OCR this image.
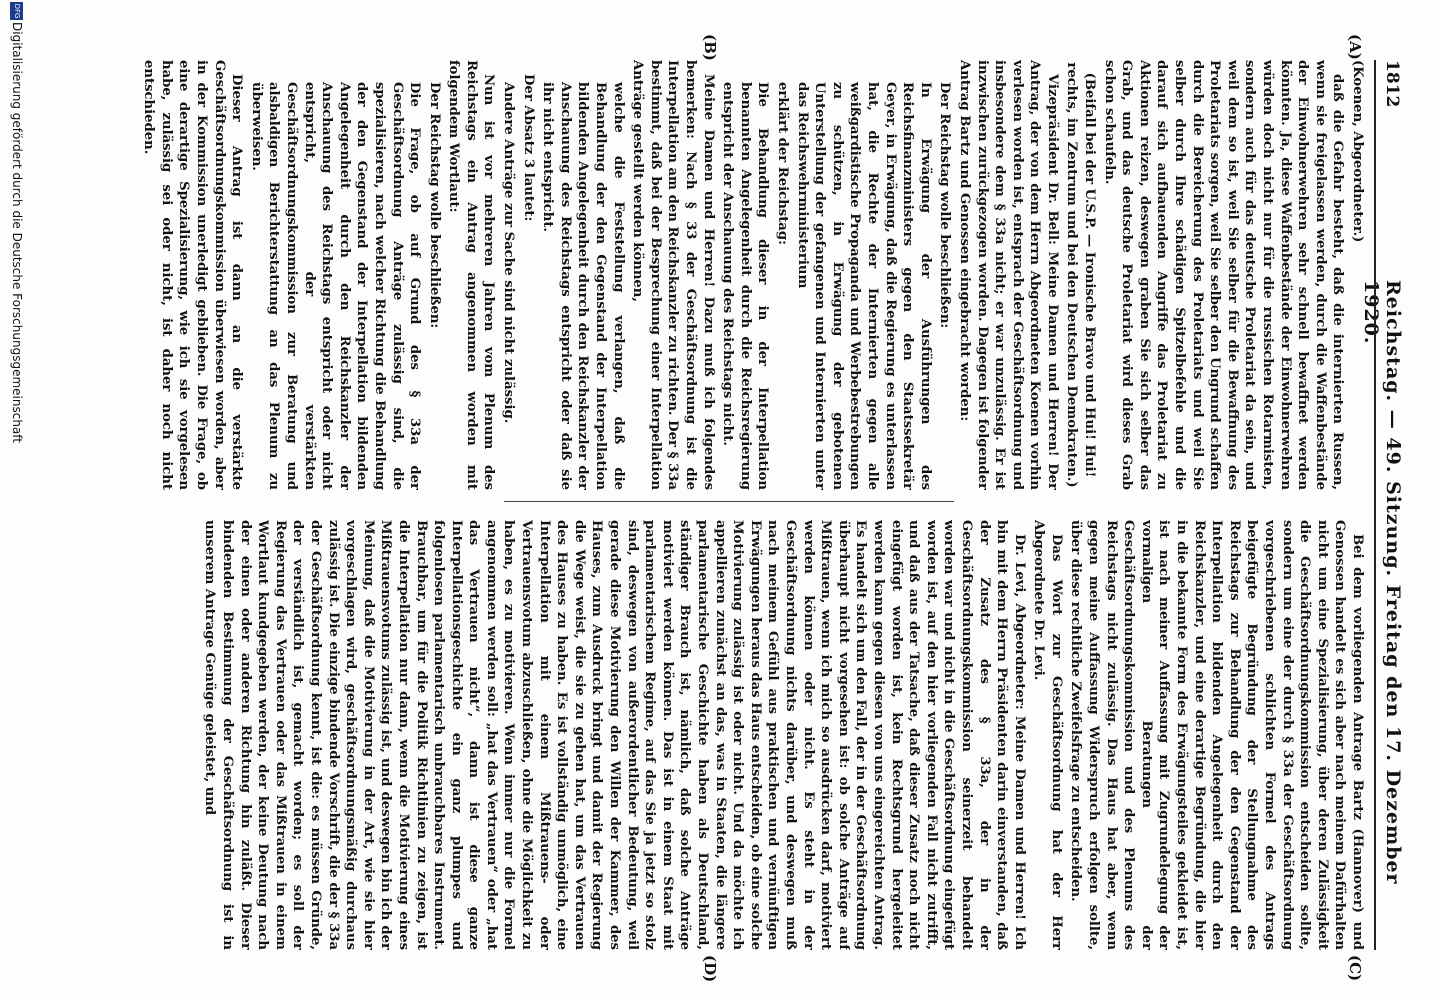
1812
Reichstag. — 49. Sitzung. Freitag den 17. Dezember 1920.
(A)
(B)
(C)
(D)

(Koenen, Abgeordneter.)

daß die Gefahr besteht, daß die internierten Russen, wenn sie freigelassen werden, durch die Waffenbestände der Einwohnerwehren sehr schnell bewaffnet werden könnten. Ja, diese Waffenbestände der Einwohnerwehren würden doch nicht nur für die russischen Rotarmisten, sondern auch für das deutsche Proletariat da sein, und weil dem so ist, weil Sie selber für die Bewaffnung des Proletariats sorgen, weil Sie selber den Ungrund schaffen durch die Bereicherung des Proletariats und weil Sie selber durch Ihre schädigen Spitzelbefehle und die darauf sich aufbauenden Angriffe das Proletariat zu Aktionen reizen, deswegen graben Sie sich selber das Grab, und das deutsche Proletariat wird dieses Grab schon schaufeln.

(Beifall bei der U.S.P. — Ironische Bravo und Hui! Hui! rechts, im Zentrum und bei den Deutschen Demokraten.)

Vizepräsident Dr. Bell: Meine Damen und Herren! Der Antrag, der von dem Herrn Abgeordneten Koenen vorhin verlesen worden ist, entsprach der Geschäftsordnung und insbesondere dem § 33a nicht; er war unzulässig. Er ist inzwischen zurückgezogen worden. Dagegen ist folgender Antrag Bartz und Genossen eingebracht worden:

Der Reichstag wolle beschließen:

In Erwägung der Ausführungen des Reichsfinanzministers gegen den Staatssekretär Geyer, in Erwägung, daß die Regierung es unterlassen hat, die Rechte der Internierten gegen alle weißgardistische Propaganda und Werbebestrebungen zu schützen, in Erwägung der gebotenen Unterstellung der gefangenen und Internierten unter das Reichswehrministerium

erklärt der Reichstag:

Die Behandlung dieser in der Interpellation benannten Angelegenheit durch die Reichsregierung entspricht der Anschauung des Reichstags nicht.

Meine Damen und Herren! Dazu muß ich folgendes bemerken: Nach § 33 der Geschäftsordnung ist die Interpellation am den Reichskanzler zu richten. Der § 33a bestimmt, daß bei der Besprechung einer Interpellation Anträge gestellt werden können,

welche die Feststellung verlangen, daß die Behandlung der den Gegenstand der Interpellation bildenden Angelegenheit durch den Reichskanzler der Anschauung des Reichstags entspricht oder daß sie ihr nicht entspricht.

Der Absatz 3 lautet:

Andere Anträge zur Sache sind nicht zulässig.

Nun ist vor mehreren Jahren vom Plenum des Reichstags ein Antrag angenommen worden mit folgendem Wortlaut:

Der Reichstag wolle beschließen:

Die Frage, ob auf Grund des § 33a der Geschäftsordnung Anträge zulässig sind, die spezialisieren, nach welcher Richtung die Behandlung der den Gegenstand der Interpellation bildenden Angelegenheit durch den Reichskanzler der Anschauung des Reichstags entspricht oder nicht entspricht, der verstärkten Geschäftsordnungskommission zur Beratung und alsbaldigen Berichterstattung an das Plenum zu überweisen.

Dieser Antrag ist dann an die verstärkte Geschäftsordnungskommission überwiesen worden, aber in der Kommission unerledigt geblieben. Die Frage, ob eine derartige Spezialisierung, wie ich sie vorgelesen habe, zulässig sei oder nicht, ist daher noch nicht entschieden.

Bei dem vorliegenden Antrage Bartz (Hannover) und Genossen handelt es sich aber nach meinem Dafürhalten nicht um eine Spezialisierung, über deren Zulässigkeit die Geschäftsordnungskommission entscheiden sollte, sondern um eine der durch § 33a der Geschäftsordnung vorgeschriebenen schlichten Formel des Antrags beigefügte Begründung der Stellungnahme des Reichstags zur Behandlung der den Gegenstand der Interpellation bildenden Angelegenheit durch den Reichskanzler, und eine derartige Begründung, die hier in die bekannte Form des Erwägungsteiles gekleidet ist, ist nach meiner Auffassung mit Zugrundelegung der vormaligen Beratungen der Geschäftsordnungskommission und des Plenums des Reichstags nicht zulässig. Das Haus hat aber, wenn gegen meine Auffassung Widerspruch erfolgen sollte, über diese rechtliche Zweifelsfrage zu entscheiden.

Das Wort zur Geschäftsordnung hat der Herr Abgeordnete Dr. Levi.

Dr. Levi, Abgeordneter: Meine Damen und Herren! Ich bin mit dem Herrn Präsidenten darin einverstanden, daß der Zusatz des § 33a, der in der Geschäftsordnungskommission seinerzeit behandelt worden war und nicht in die Geschäftsordnung eingefügt worden ist, auf den hier vorliegenden Fall nicht zutrifft, und daß aus der Tatsache, daß dieser Zusatz noch nicht eingefügt worden ist, kein Rechtsgrund hergeleitet werden kann gegen diesen von uns eingereichten Antrag. Es handelt sich um den Fall, der in der Geschäftsordnung überhaupt nicht vorgesehen ist: ob solche Anträge auf Mißtrauen, wenn ich mich so ausdrücken darf, motiviert werden können oder nicht. Es steht in der Geschäftsordnung nichts darüber, und deswegen muß nach meinem Gefühl aus praktischen und vernünftigen Erwägungen heraus das Haus entscheiden, ob eine solche Motivierung zulässig ist oder nicht. Und da möchte ich appellieren zunächst an das, was in Staaten, die längere parlamentarische Geschichte haben als Deutschland, ständiger Brauch ist, nämlich, daß solche Anträge motiviert werden können. Das ist in einem Staat mit parlamentarischem Regime, auf das Sie ja jetzt so stolz sind, deswegen von außerordentlicher Bedeutung, weil gerade diese Motivierung den Willen der Kammer, des Hauses, zum Ausdruck bringt und damit der Regierung die Wege weist, die sie zu gehen hat, um das Vertrauen des Hauses zu haben. Es ist vollständig unmöglich, eine Interpellation mit einem Mißtrauens- oder Vertrauensvotum abzuschließen, ohne die Möglichkeit zu haben, es zu motivieren. Wenn immer nur die Formel angenommen werden soll: „hat das Vertrauen“ oder „hat das Vertrauen nicht“, dann ist diese ganze Interpellationsgeschichte ein ganz plumpes und folgenlosen parlamentarisch unbrauchbares Instrument. Brauchbar, um für die Politik Richtlinien zu zeigen, ist die Interpellation nur dann, wenn die Motivierung eines Mißtrauensvotums zulässig ist, und deswegen bin ich der Meinung, daß die Motivierung in der Art, wie sie hier vorgeschlagen wird, geschäftsordnungsmäßig durchaus zulässig ist. Die einzige bindende Vorschrift, die der § 33a der Geschäftsordnung kennt, ist die: es müssen Gründe, der verständlich ist, gemacht worden; es soll der Regierung das Vertrauen oder das Mißtrauen in einem Wortlaut kundgegeben werden, der keine Deutung nach der einen oder anderen Richtung hin zuläßt. Dieser bindenden Bestimmung der Geschäftsordnung ist in unserem Antrage Genüge geleistet, und

DFG
Digitalisierung gefördert durch die Deutsche Forschungsgemeinschaft
